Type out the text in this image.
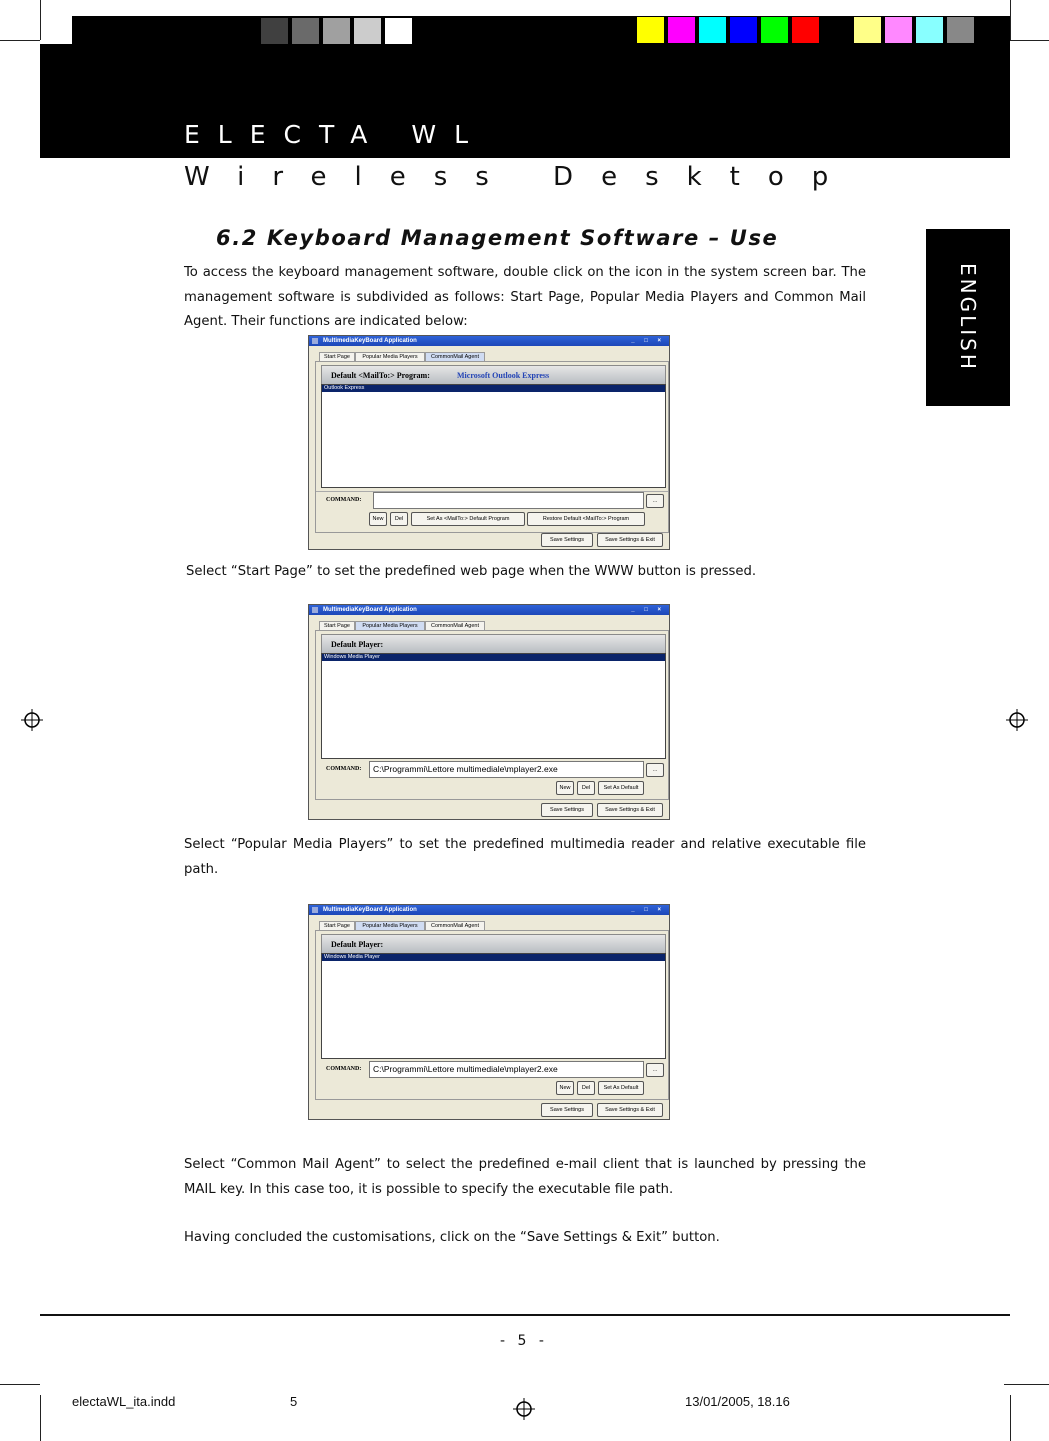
ELECTA WL
Wireless Desktop
ENGLISH
6.2 Keyboard Management Software – Use
To access the keyboard management software, double click on the icon in the system screen bar. The management software is subdivided as follows: Start Page, Popular Media Players and Common Mail Agent. Their functions are indicated below:
MultimediaKeyBoard Application	_ □ ×
Start Page	Popular Media Players	CommonMail Agent
Default <MailTo:> Program:	Microsoft Outlook Express
Outlook Express
COMMAND:	...
New	Del	Set As <MailTo:> Default Program	Restore Default <MailTo:> Program
Save Settings	Save Settings & Exit
Select “Start Page” to set the predefined web page when the WWW button is pressed.
MultimediaKeyBoard Application	_ □ ×
Start Page	Popular Media Players	CommonMail Agent
Default Player:
Windows Media Player
COMMAND:	C:\Programmi\Lettore multimediale\mplayer2.exe	...
New	Del	Set As Default
Save Settings	Save Settings & Exit
Select “Popular Media Players” to set the predefined multimedia reader and relative executable file path.
MultimediaKeyBoard Application	_ □ ×
Start Page	Popular Media Players	CommonMail Agent
Default Player:
Windows Media Player
COMMAND:	C:\Programmi\Lettore multimediale\mplayer2.exe	...
New	Del	Set As Default
Save Settings	Save Settings & Exit
Select “Common Mail Agent” to select the predefined e-mail client that is launched by pressing the MAIL key. In this case too, it is possible to specify the executable file path.
Having concluded the customisations, click on the “Save Settings & Exit” button.
- 5 -
electaWL_ita.indd	5	13/01/2005, 18.16
